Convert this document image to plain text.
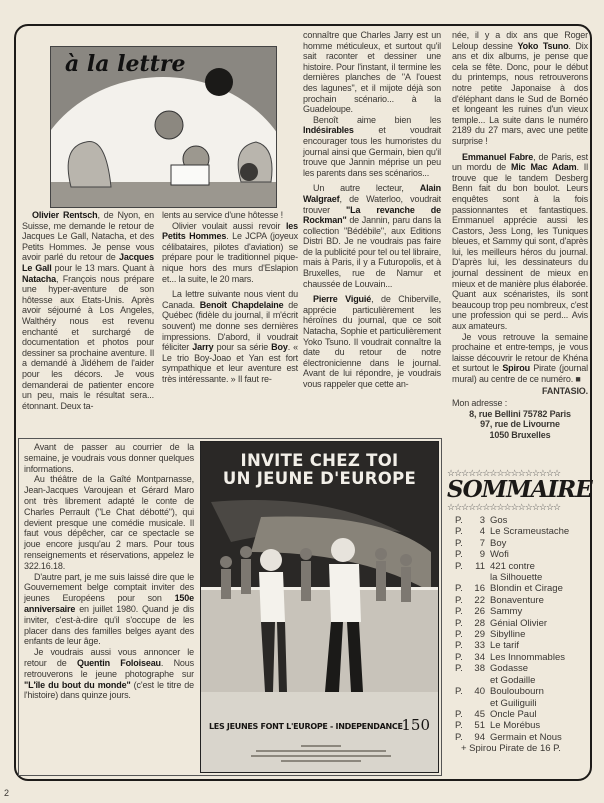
à la lettre

Olivier Rentsch, de Nyon, en Suisse, me demande le retour de Jacques Le Gall, Natacha, et des Petits Hommes. Je pense vous avoir parlé du retour de Jacques Le Gall pour le 13 mars. Quant à Natacha, François nous prépare une hyper-aventure de son hôtesse aux Etats-Unis. Après avoir séjourné à Los Angeles, Walthéry nous est revenu enchanté et surchargé de documentation et photos pour dessiner sa prochaine aventure. Il a demandé à Jidéhem de l'aider pour les décors. Je vous demanderai de patienter encore un peu, mais le résultat sera... étonnant. Deux ta-

lents au service d'une hôtesse !

Olivier voulait aussi revoir les Petits Hommes. Le JCPA (joyeux célibataires, pilotes d'aviation) se prépare pour le traditionnel pique-nique hors des murs d'Eslapion et... la suite, le 20 mars.

La lettre suivante nous vient du Canada. Benoît Chapdelaine de Québec (fidèle du journal, il m'écrit souvent) me donne ses dernières impressions. D'abord, il voudrait féliciter Jarry pour sa série Boy. « Le trio Boy-Joao et Yan est fort sympathique et leur aventure est très intéressante. » Il faut re-

connaître que Charles Jarry est un homme méticuleux, et surtout qu'il sait raconter et dessiner une histoire. Pour l'instant, il termine les dernières planches de "A l'ouest des lagunes", et il mijote déjà son prochain scénario... à la Guadeloupe.

Benoît aime bien les Indésirables et voudrait encourager tous les humoristes du journal ainsi que Germain, bien qu'il trouve que Jannin méprise un peu les parents dans ses scénarios...

Un autre lecteur, Alain Walgraef, de Waterloo, voudrait trouver "La revanche de Rockman" de Jannin, paru dans la collection "Bédébile", aux Editions Distri BD. Je ne voudrais pas faire de la publicité pour tel ou tel libraire, mais à Paris, il y a Futuropolis, et à Bruxelles, rue de Namur et chaussée de Louvain...

Pierre Viguié, de Chiberville, apprécie particulièrement les héroïnes du journal, que ce soit Natacha, Sophie et particulièrement Yoko Tsuno. Il voudrait connaître la date du retour de notre électronicienne dans le journal. Avant de lui répondre, je voudrais vous rappeler que cette an-

née, il y a dix ans que Roger Leloup dessine Yoko Tsuno. Dix ans et dix albums, je pense que cela se fête. Donc, pour le début du printemps, nous retrouverons notre petite Japonaise à dos d'éléphant dans le Sud de Bornéo et longeant les ruines d'un vieux temple... La suite dans le numéro 2189 du 27 mars, avec une petite surprise !

Emmanuel Fabre, de Paris, est un mordu de Mic Mac Adam. Il trouve que le tandem Desberg Benn fait du bon boulot. Leurs enquêtes sont à la fois passionnantes et fantastiques. Emmanuel apprécie aussi les Castors, Jess Long, les Tuniques bleues, et Sammy qui sont, d'après lui, les meilleurs héros du journal. D'après lui, les dessinateurs du journal dessinent de mieux en mieux et de manière plus élaborée. Quant aux scénaristes, ils sont beaucoup trop peu nombreux, c'est une profession qui se perd... Avis aux amateurs.

Je vous retrouve la semaine prochaine et entre-temps, je vous laisse découvrir le retour de Khéna et surtout le Spirou Pirate (journal mural) au centre de ce numéro. ■

FANTASIO.
Mon adresse :
8, rue Bellini 75782 Paris
97, rue de Livourne
1050 Bruxelles

Avant de passer au courrier de la semaine, je voudrais vous donner quelques informations.

Au théâtre de la Gaîté Montparnasse, Jean-Jacques Varoujean et Gérard Maro ont très librement adapté le conte de Charles Perrault ("Le Chat débotté"), qui devient presque une comédie musicale. Il faut vous dépêcher, car ce spectacle se joue encore jusqu'au 2 mars. Pour tous renseignements et réservations, appelez le 322.16.18.

D'autre part, je me suis laissé dire que le Gouvernement belge comptait inviter des jeunes Européens pour son 150e anniversaire en juillet 1980. Quand je dis inviter, c'est-à-dire qu'il s'occupe de les placer dans des familles belges ayant des enfants de leur âge.

Je voudrais aussi vous annoncer le retour de Quentin Foloiseau. Nous retrouverons le jeune photographe sur "L'île du bout du monde" (c'est le titre de l'histoire) dans quinze jours.

INVITE CHEZ TOI
UN JEUNE D'EUROPE
LES JEUNES FONT L'EUROPE - INDEPENDANCE
150
☆☆☆☆☆☆☆☆☆☆☆☆☆☆☆☆
SOMMAIRE
☆☆☆☆☆☆☆☆☆☆☆☆☆☆☆☆
P.	3 Gos
P.	4 Le Scrameustache
P.	7 Boy
P.	9 Wofi
P.	11 421 contre
la Silhouette
P.	16 Blondin et Cirage
P.	22 Bonaventure
P.	26 Sammy
P.	28 Génial Olivier
P.	29 Sibylline
P.	33 Le tarif
P.	34 Les Innommables
P.	38 Godasse
et Godaille
P.	40 Bouloubourn
et Guiliguili
P.	45 Oncle Paul
P.	51 Le Morébus
P.	94 Germain et Nous
+ Spirou Pirate de 16 P.
2
